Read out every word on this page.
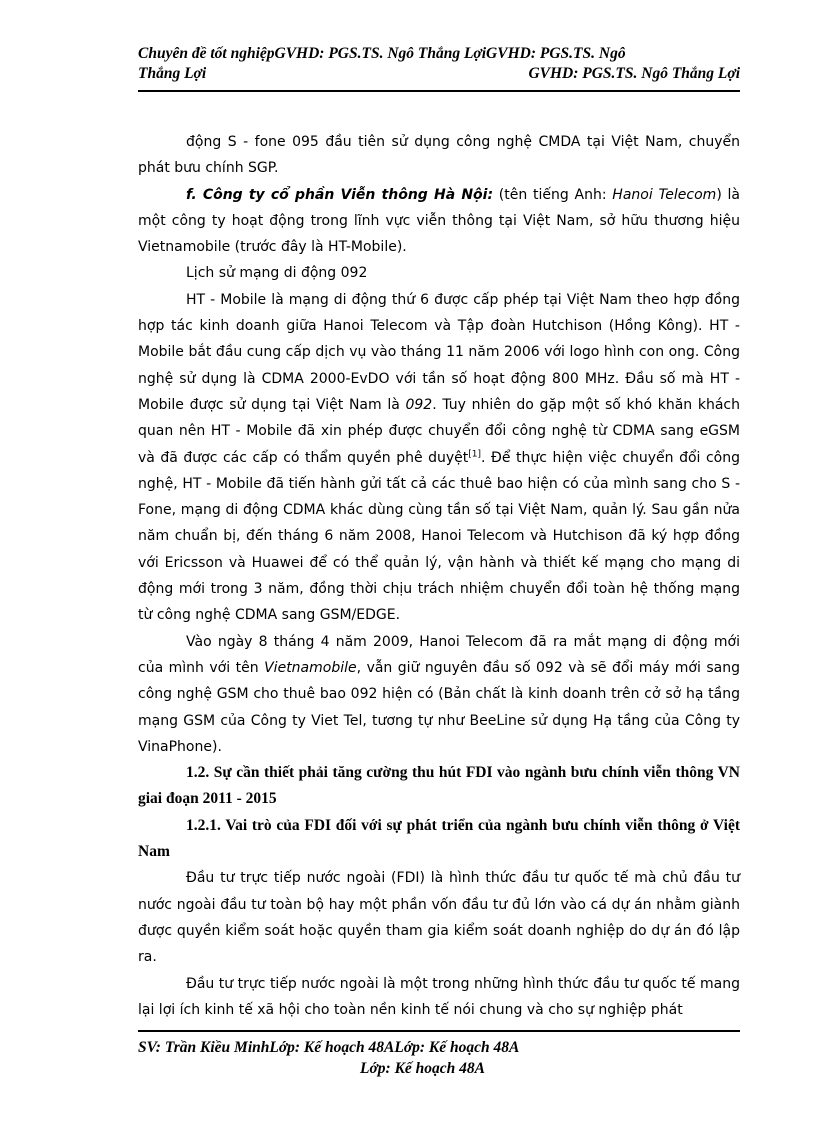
Chuyên đề tốt nghiệpGVHD: PGS.TS. Ngô Thắng LợiGVHD: PGS.TS. Ngô
Thắng Lợi	GVHD: PGS.TS. Ngô Thắng Lợi

động S - fone 095 đầu tiên sử dụng công nghệ CMDA tại Việt Nam, chuyển phát bưu chính SGP.

f. Công ty cổ phần Viễn thông Hà Nội: (tên tiếng Anh: Hanoi Telecom) là một công ty hoạt động trong lĩnh vực viễn thông tại Việt Nam, sở hữu thương hiệu Vietnamobile (trước đây là HT-Mobile).

Lịch sử mạng di động 092

HT - Mobile là mạng di động thứ 6 được cấp phép tại Việt Nam theo hợp đồng hợp tác kinh doanh giữa Hanoi Telecom và Tập đoàn Hutchison (Hồng Kông). HT - Mobile bắt đầu cung cấp dịch vụ vào tháng 11 năm 2006 với logo hình con ong. Công nghệ sử dụng là CDMA 2000-EvDO với tần số hoạt động 800 MHz. Đầu số mà HT - Mobile được sử dụng tại Việt Nam là 092. Tuy nhiên do gặp một số khó khăn khách quan nên HT - Mobile đã xin phép được chuyển đổi công nghệ từ CDMA sang eGSM và đã được các cấp có thẩm quyền phê duyệt[1]. Để thực hiện việc chuyển đổi công nghệ, HT - Mobile đã tiến hành gửi tất cả các thuê bao hiện có của mình sang cho S - Fone, mạng di động CDMA khác dùng cùng tần số tại Việt Nam, quản lý. Sau gần nửa năm chuẩn bị, đến tháng 6 năm 2008, Hanoi Telecom và Hutchison đã ký hợp đồng với Ericsson và Huawei để có thể quản lý, vận hành và thiết kế mạng cho mạng di động mới trong 3 năm, đồng thời chịu trách nhiệm chuyển đổi toàn hệ thống mạng từ công nghệ CDMA sang GSM/EDGE.

Vào ngày 8 tháng 4 năm 2009, Hanoi Telecom đã ra mắt mạng di động mới của mình với tên Vietnamobile, vẫn giữ nguyên đầu số 092 và sẽ đổi máy mới sang công nghệ GSM cho thuê bao 092 hiện có (Bản chất là kinh doanh trên cở sở hạ tầng mạng GSM của Công ty Viet Tel, tương tự như BeeLine sử dụng Hạ tầng của Công ty VinaPhone).

1.2. Sự cần thiết phải tăng cường thu hút FDI vào ngành bưu chính viễn thông VN giai đoạn 2011 - 2015
1.2.1. Vai trò của FDI đối với sự phát triển của ngành bưu chính viễn thông ở Việt Nam

Đầu tư trực tiếp nước ngoài (FDI) là hình thức đầu tư quốc tế mà chủ đầu tư nước ngoài đầu tư toàn bộ hay một phần vốn đầu tư đủ lớn vào cá dự án nhằm giành được quyền kiểm soát hoặc quyền tham gia kiểm soát doanh nghiệp do dự án đó lập ra.

Đầu tư trực tiếp nước ngoài là một trong những hình thức đầu tư quốc tế mang lại lợi ích kinh tế xã hội cho toàn nền kinh tế nói chung và cho sự nghiệp phát

SV: Trần Kiều MinhLớp: Kế hoạch 48ALớp: Kế hoạch 48A
Lớp: Kế hoạch 48A
